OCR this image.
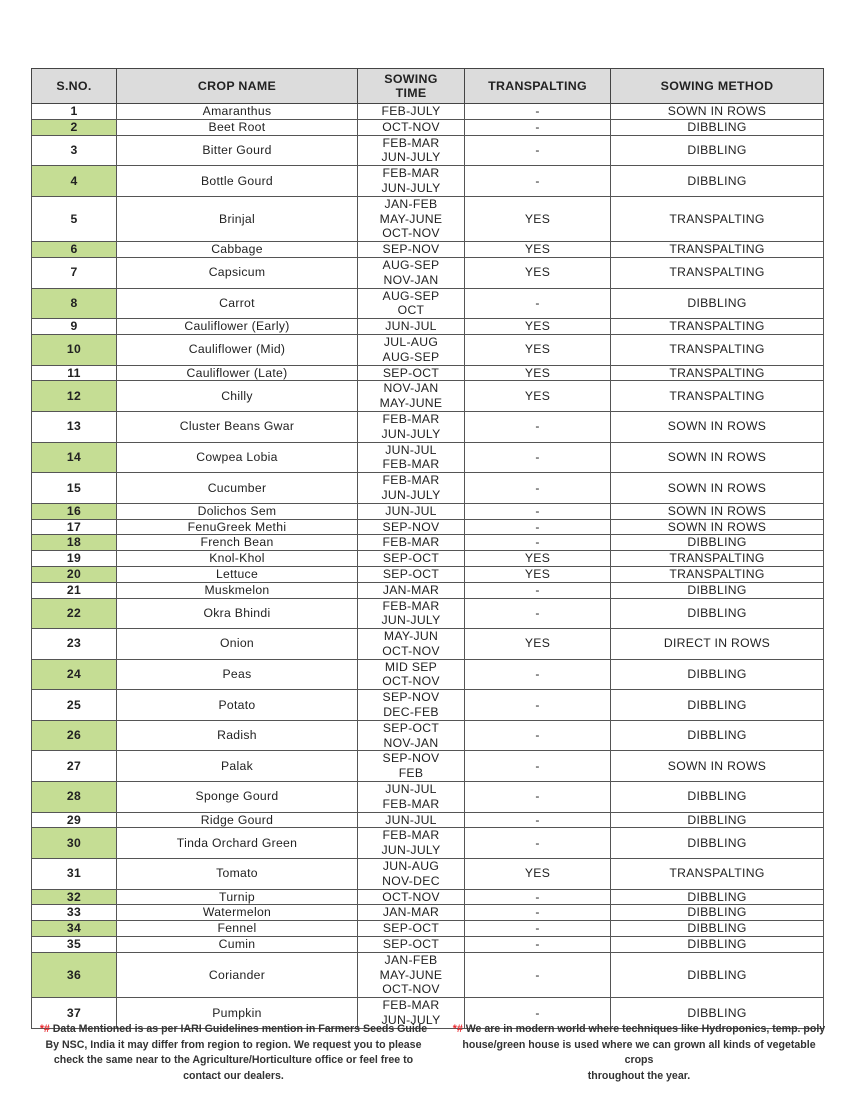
S.NO.	CROP NAME	SOWING TIME	TRANSPALTING	SOWING METHOD
1	Amaranthus	FEB-JULY	-	SOWN IN ROWS
2	Beet Root	OCT-NOV	-	DIBBLING
3	Bitter Gourd	FEB-MAR
JUN-JULY	-	DIBBLING
4	Bottle Gourd	FEB-MAR
JUN-JULY	-	DIBBLING
5	Brinjal	JAN-FEB
MAY-JUNE
OCT-NOV	YES	TRANSPALTING
6	Cabbage	SEP-NOV	YES	TRANSPALTING
7	Capsicum	AUG-SEP
NOV-JAN	YES	TRANSPALTING
8	Carrot	AUG-SEP
OCT	-	DIBBLING
9	Cauliflower (Early)	JUN-JUL	YES	TRANSPALTING
10	Cauliflower (Mid)	JUL-AUG
AUG-SEP	YES	TRANSPALTING
11	Cauliflower (Late)	SEP-OCT	YES	TRANSPALTING
12	Chilly	NOV-JAN
MAY-JUNE	YES	TRANSPALTING
13	Cluster Beans Gwar	FEB-MAR
JUN-JULY	-	SOWN IN ROWS
14	Cowpea Lobia	JUN-JUL
FEB-MAR	-	SOWN IN ROWS
15	Cucumber	FEB-MAR
JUN-JULY	-	SOWN IN ROWS
16	Dolichos Sem	JUN-JUL	-	SOWN IN ROWS
17	FenuGreek Methi	SEP-NOV	-	SOWN IN ROWS
18	French Bean	FEB-MAR	-	DIBBLING
19	Knol-Khol	SEP-OCT	YES	TRANSPALTING
20	Lettuce	SEP-OCT	YES	TRANSPALTING
21	Muskmelon	JAN-MAR	-	DIBBLING
22	Okra Bhindi	FEB-MAR
JUN-JULY	-	DIBBLING
23	Onion	MAY-JUN
OCT-NOV	YES	DIRECT IN ROWS
24	Peas	MID SEP
OCT-NOV	-	DIBBLING
25	Potato	SEP-NOV
DEC-FEB	-	DIBBLING
26	Radish	SEP-OCT
NOV-JAN	-	DIBBLING
27	Palak	SEP-NOV
FEB	-	SOWN IN ROWS
28	Sponge Gourd	JUN-JUL
FEB-MAR	-	DIBBLING
29	Ridge Gourd	JUN-JUL	-	DIBBLING
30	Tinda Orchard Green	FEB-MAR
JUN-JULY	-	DIBBLING
31	Tomato	JUN-AUG
NOV-DEC	YES	TRANSPALTING
32	Turnip	OCT-NOV	-	DIBBLING
33	Watermelon	JAN-MAR	-	DIBBLING
34	Fennel	SEP-OCT	-	DIBBLING
35	Cumin	SEP-OCT	-	DIBBLING
36	Coriander	JAN-FEB
MAY-JUNE
OCT-NOV	-	DIBBLING
37	Pumpkin	FEB-MAR
JUN-JULY	-	DIBBLING
*# Data Mentioned is as per IARI Guidelines mention in Farmers Seeds Guide
By NSC, India it may differ from region to region. We request you to please
check the same near to the Agriculture/Horticulture office or feel free to
contact our dealers.
*# We are in modern world where techniques like Hydroponics, temp. poly
house/green house is used where we can grown all kinds of vegetable crops
throughout the year.
